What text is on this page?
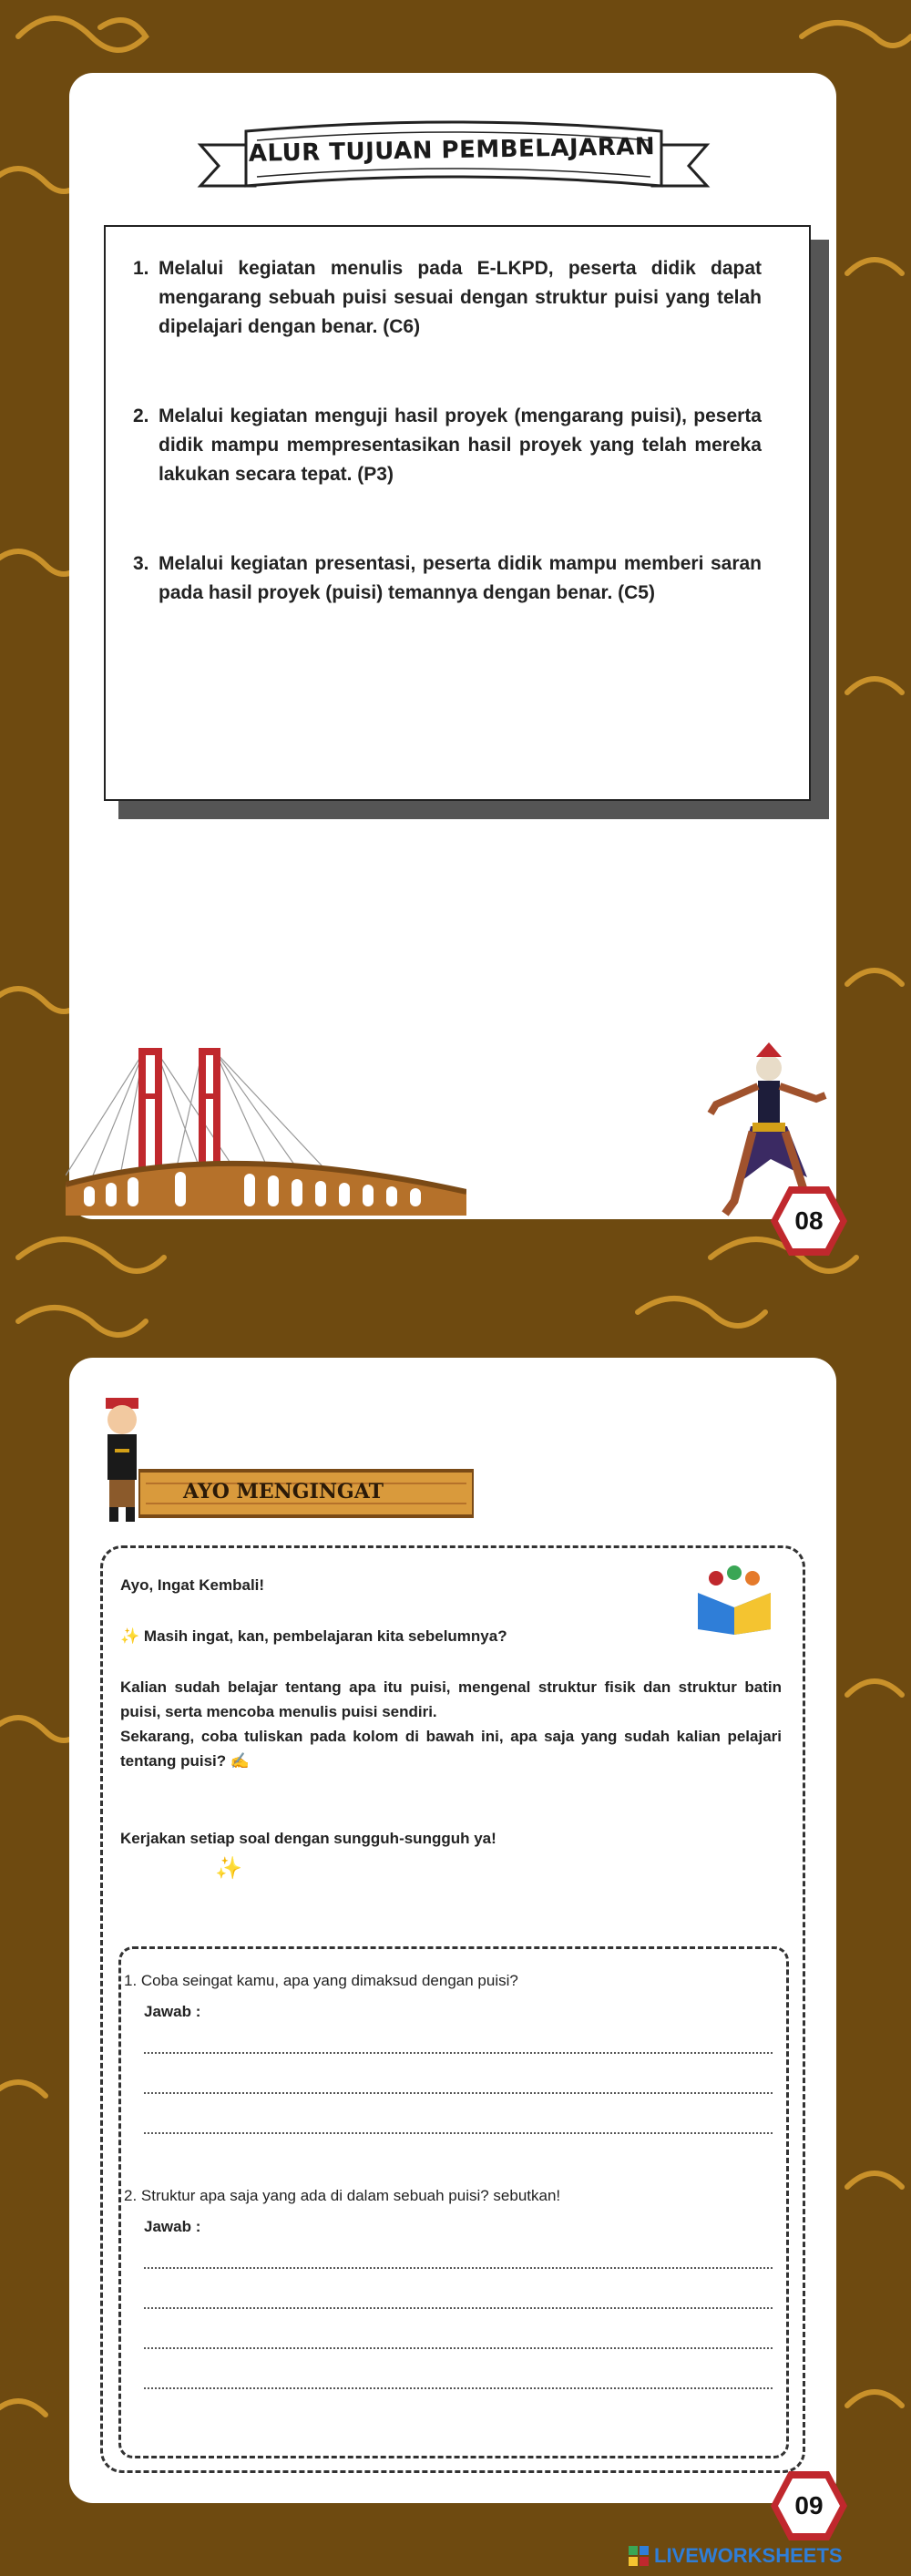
ALUR TUJUAN PEMBELAJARAN
1. Melalui kegiatan menulis pada E-LKPD, peserta didik dapat mengarang sebuah puisi sesuai dengan struktur puisi yang telah dipelajari dengan benar. (C6)
2. Melalui kegiatan menguji hasil proyek (mengarang puisi), peserta didik mampu mempresentasikan hasil proyek yang telah mereka lakukan secara tepat. (P3)
3. Melalui kegiatan presentasi, peserta didik mampu memberi saran pada hasil proyek (puisi) temannya dengan benar. (C5)
08
AYO MENGINGAT
Ayo, Ingat Kembali!
✨ Masih ingat, kan, pembelajaran kita sebelumnya?
Kalian sudah belajar tentang apa itu puisi, mengenal struktur fisik dan struktur batin puisi, serta mencoba menulis puisi sendiri.
Sekarang, coba tuliskan pada kolom di bawah ini, apa saja yang sudah kalian pelajari tentang puisi? ✍
Kerjakan setiap soal dengan sungguh-sungguh ya!
✨
1. Coba seingat kamu, apa yang dimaksud dengan puisi?
Jawab :
2. Struktur apa saja yang ada di dalam sebuah puisi? sebutkan!
Jawab :
09
LIVEWORKSHEETS
